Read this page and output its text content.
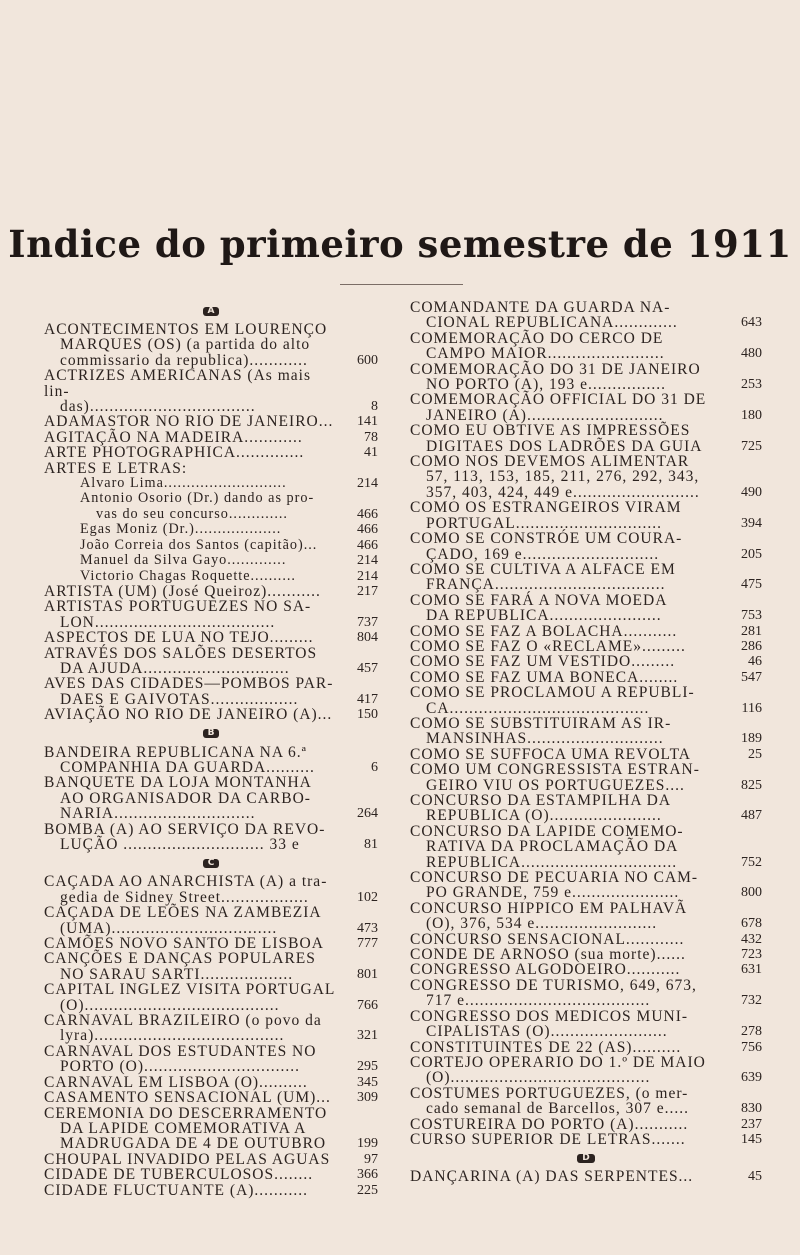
Indice do primeiro semestre de 1911
A
ACONTECIMENTOS EM LOURENÇO
MARQUES (OS) (a partida do alto commissario da republica)............	600
ACTRIZES AMERICANAS (As mais lin-
das)..................................	8
ADAMASTOR NO RIO DE JANEIRO...	141
AGITAÇÃO NA MADEIRA............	78
ARTE PHOTOGRAPHICA..............	41
ARTES E LETRAS:
Alvaro Lima...........................	214
Antonio Osorio (Dr.) dando as pro-
vas do seu concurso.............	466
Egas Moniz (Dr.)...................	466
João Correia dos Santos (capitão)...	466
Manuel da Silva Gayo.............	214
Victorio Chagas Roquette..........	214
ARTISTA (UM) (José Queiroz)...........	217
ARTISTAS PORTUGUEZES NO SA-
LON.....................................	737
ASPECTOS DE LUA NO TEJO.........	804
ATRAVÉS DOS SALÕES DESERTOS
DA AJUDA..............................	457
AVES DAS CIDADES—POMBOS PAR-
DAES E GAIVOTAS..................	417
AVIAÇÃO NO RIO DE JANEIRO (A)...	150
B
BANDEIRA REPUBLICANA NA 6.ª
COMPANHIA DA GUARDA..........	6
BANQUETE DA LOJA MONTANHA
AO ORGANISADOR DA CARBO-NARIA.............................	264
BOMBA (A) AO SERVIÇO DA REVO-
LUÇÃO ............................. 33 e	81
C
CAÇADA AO ANARCHISTA (A) a tra-
gedia de Sidney Street..................	102
CAÇADA DE LEÕES NA ZAMBEZIA
(UMA)..................................	473
CAMÕES NOVO SANTO DE LISBOA	777
CANÇÕES E DANÇAS POPULARES
NO SARAU SARTI...................	801
CAPITAL INGLEZ VISITA PORTUGAL
(O)........................................	766
CARNAVAL BRAZILEIRO (o povo da
lyra).......................................	321
CARNAVAL DOS ESTUDANTES NO
PORTO (O)................................	295
CARNAVAL EM LISBOA (O)..........	345
CASAMENTO SENSACIONAL (UM)...	309
CEREMONIA DO DESCERRAMENTO
DA LAPIDE COMEMORATIVA A MADRUGADA DE 4 DE OUTUBRO	199
CHOUPAL INVADIDO PELAS AGUAS	97
CIDADE DE TUBERCULOSOS........	366
CIDADE FLUCTUANTE (A)...........	225
COMANDANTE DA GUARDA NA-
CIONAL REPUBLICANA.............	643
COMEMORAÇÃO DO CERCO DE
CAMPO MAIOR........................	480
COMEMORAÇÃO DO 31 DE JANEIRO
NO PORTO (A), 193 e................	253
COMEMORAÇÃO OFFICIAL DO 31 DE
JANEIRO (A)............................	180
COMO EU OBTIVE AS IMPRESSÕES
DIGITAES DOS LADRÕES DA GUIA	725
COMO NOS DEVEMOS ALIMENTAR
57, 113, 153, 185, 211, 276, 292, 343, 357, 403, 424, 449 e..........................	490
COMO OS ESTRANGEIROS VIRAM
PORTUGAL..............................	394
COMO SE CONSTRÓE UM COURA-
ÇADO, 169 e............................	205
COMO SE CULTIVA A ALFACE EM
FRANÇA...................................	475
COMO SE FARÁ A NOVA MOEDA
DA REPUBLICA.......................	753
COMO SE FAZ A BOLACHA...........	281
COMO SE FAZ O «RECLAME».........	286
COMO SE FAZ UM VESTIDO.........	46
COMO SE FAZ UMA BONECA........	547
COMO SE PROCLAMOU A REPUBLI-
CA.........................................	116
COMO SE SUBSTITUIRAM AS IR-
MANSINHAS............................	189
COMO SE SUFFOCA UMA REVOLTA	25
COMO UM CONGRESSISTA ESTRAN-
GEIRO VIU OS PORTUGUEZES....	825
CONCURSO DA ESTAMPILHA DA
REPUBLICA (O).......................	487
CONCURSO DA LAPIDE COMEMO-
RATIVA DA PROCLAMAÇÃO DA REPUBLICA................................	752
CONCURSO DE PECUARIA NO CAM-
PO GRANDE, 759 e......................	800
CONCURSO HIPPICO EM PALHAVÃ
(O), 376, 534 e.........................	678
CONCURSO SENSACIONAL............	432
CONDE DE ARNOSO (sua morte)......	723
CONGRESSO ALGODOEIRO...........	631
CONGRESSO DE TURISMO, 649, 673,
717 e......................................	732
CONGRESSO DOS MEDICOS MUNI-
CIPALISTAS (O)........................	278
CONSTITUINTES DE 22 (AS)..........	756
CORTEJO OPERARIO DO 1.º DE MAIO
(O).........................................	639
COSTUMES PORTUGUEZES, (o mer-
cado semanal de Barcellos, 307 e.....	830
COSTUREIRA DO PORTO (A)...........	237
CURSO SUPERIOR DE LETRAS.......	145
D
DANÇARINA (A) DAS SERPENTES...	45
